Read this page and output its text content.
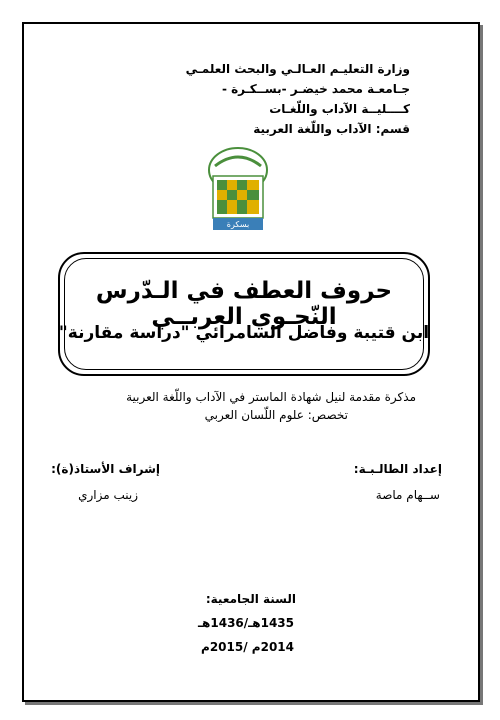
وزارة التعليـم العـالـي والبحث العلمـي
جـامعـة محمد خيضـر -بســكـرة -
كــــليــة الآداب واللّغـات
قسم: الآداب واللّغة العربية
بسكرة
حروف العطف في الـدّرس النّحـوي العربــي
ابن قتيبة وفاضل السامرائي "دراسة مقارنة"
مذكرة مقدمة لنيل شهادة الماستر في الآداب واللّغة العربية
تخصص: علوم اللّسان العربي
إعداد الطالـبـة:
ســهام ماصة
إشراف الأستاذ(ة):
زينب مزاري
السنة الجامعية:
1435هـ/1436هـ
2014م /2015م
